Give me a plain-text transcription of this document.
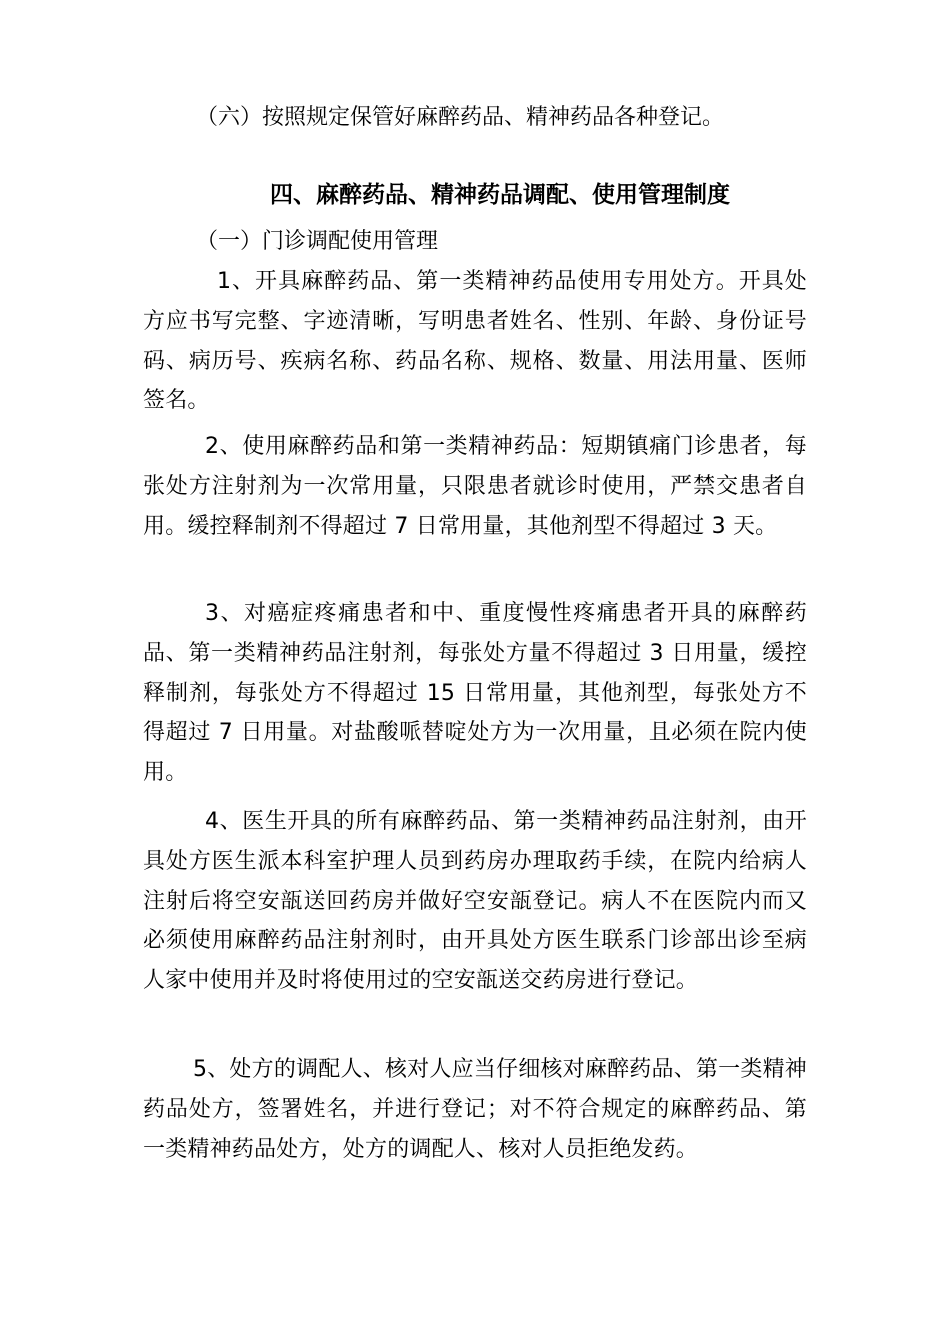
（六）按照规定保管好麻醉药品、精神药品各种登记。

四、麻醉药品、精神药品调配、使用管理制度

（一）门诊调配使用管理

1、开具麻醉药品、第一类精神药品使用专用处方。开具处方应书写完整、字迹清晰，写明患者姓名、性别、年龄、身份证号码、病历号、疾病名称、药品名称、规格、数量、用法用量、医师签名。

2、使用麻醉药品和第一类精神药品：短期镇痛门诊患者，每张处方注射剂为一次常用量，只限患者就诊时使用，严禁交患者自用。缓控释制剂不得超过 7 日常用量，其他剂型不得超过 3 天。

3、对癌症疼痛患者和中、重度慢性疼痛患者开具的麻醉药品、第一类精神药品注射剂，每张处方量不得超过 3 日用量，缓控释制剂，每张处方不得超过 15 日常用量，其他剂型，每张处方不得超过 7 日用量。对盐酸哌替啶处方为一次用量，且必须在院内使用。

4、医生开具的所有麻醉药品、第一类精神药品注射剂，由开具处方医生派本科室护理人员到药房办理取药手续，在院内给病人注射后将空安瓿送回药房并做好空安瓿登记。病人不在医院内而又必须使用麻醉药品注射剂时，由开具处方医生联系门诊部出诊至病人家中使用并及时将使用过的空安瓿送交药房进行登记。

5、处方的调配人、核对人应当仔细核对麻醉药品、第一类精神药品处方，签署姓名，并进行登记；对不符合规定的麻醉药品、第一类精神药品处方，处方的调配人、核对人员拒绝发药。
